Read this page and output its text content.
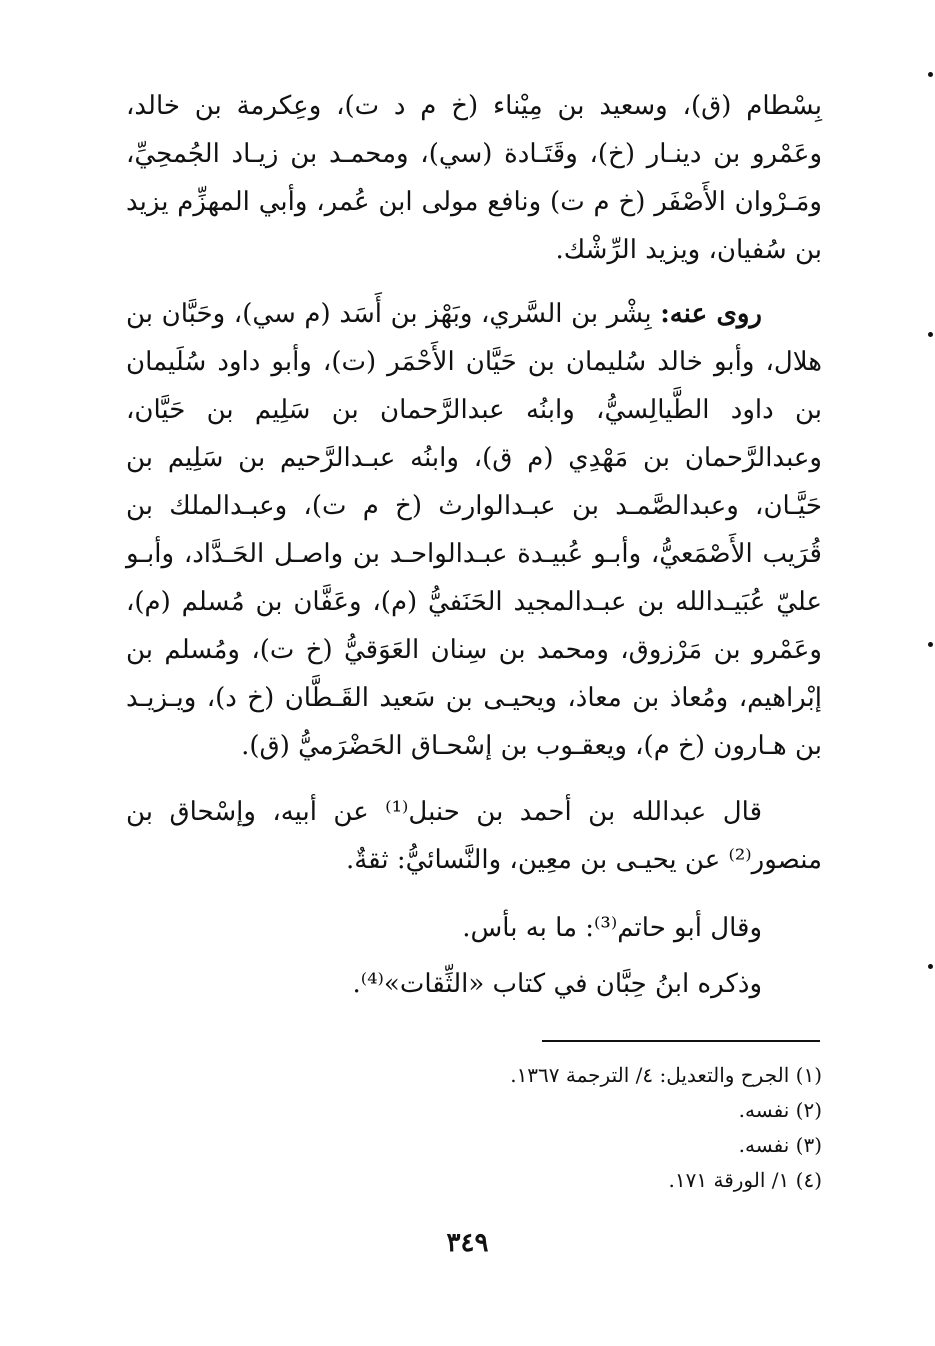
بِسْطام (ق)، وسعيد بن مِيْناء (خ م د ت)، وعِكرمة بن خالد، وعَمْرو بن دينـار (خ)، وقَتَـادة (سي)، ومحمـد بن زيـاد الجُمحِيِّ، ومَـرْوان الأَصْفَر (خ م ت) ونافع مولى ابن عُمر، وأبي المهزِّم يزيد بن سُفيان، ويزيد الرِّشْك.

روى عنه: بِشْر بن السَّري، وبَهْز بن أَسَد (م سي)، وحَبَّان بن هلال، وأبو خالد سُليمان بن حَيَّان الأَحْمَر (ت)، وأبو داود سُلَيمان بن داود الطَّيالِسيُّ، وابنُه عبدالرَّحمان بن سَلِيم بن حَيَّان، وعبدالرَّحمان بن مَهْدِي (م ق)، وابنُه عبـدالرَّحيم بن سَلِيم بن حَيَّـان، وعبدالصَّمـد بن عبـدالوارث (خ م ت)، وعبـدالملك بن قُرَيب الأَصْمَعيُّ، وأبـو عُبيـدة عبـدالواحـد بن واصـل الحَـدَّاد، وأبـو عليّ عُبَيـدالله بن عبـدالمجيد الحَنَفيُّ (م)، وعَفَّان بن مُسلم (م)، وعَمْرو بن مَرْزوق، ومحمد بن سِنان العَوَقيُّ (خ ت)، ومُسلم بن إبْراهيم، ومُعاذ بن معاذ، ويحيـى بن سَعيد القَـطَّان (خ د)، ويـزيـد بن هـارون (خ م)، ويعقـوب بن إسْحـاق الحَضْرَميُّ (ق).

قال عبدالله بن أحمد بن حنبل⁽¹⁾ عن أبيه، وإسْحاق بن منصور⁽²⁾ عن يحيـى بن معِين، والنَّسائيُّ: ثقةٌ.

وقال أبو حاتم⁽³⁾: ما به بأس.

وذكره ابنُ حِبَّان في كتاب «الثِّقات»⁽⁴⁾.

(١) الجرح والتعديل: ٤/ الترجمة ١٣٦٧.
(٢) نفسه.
(٣) نفسه.
(٤) ١/ الورقة ١٧١.
٣٤٩
